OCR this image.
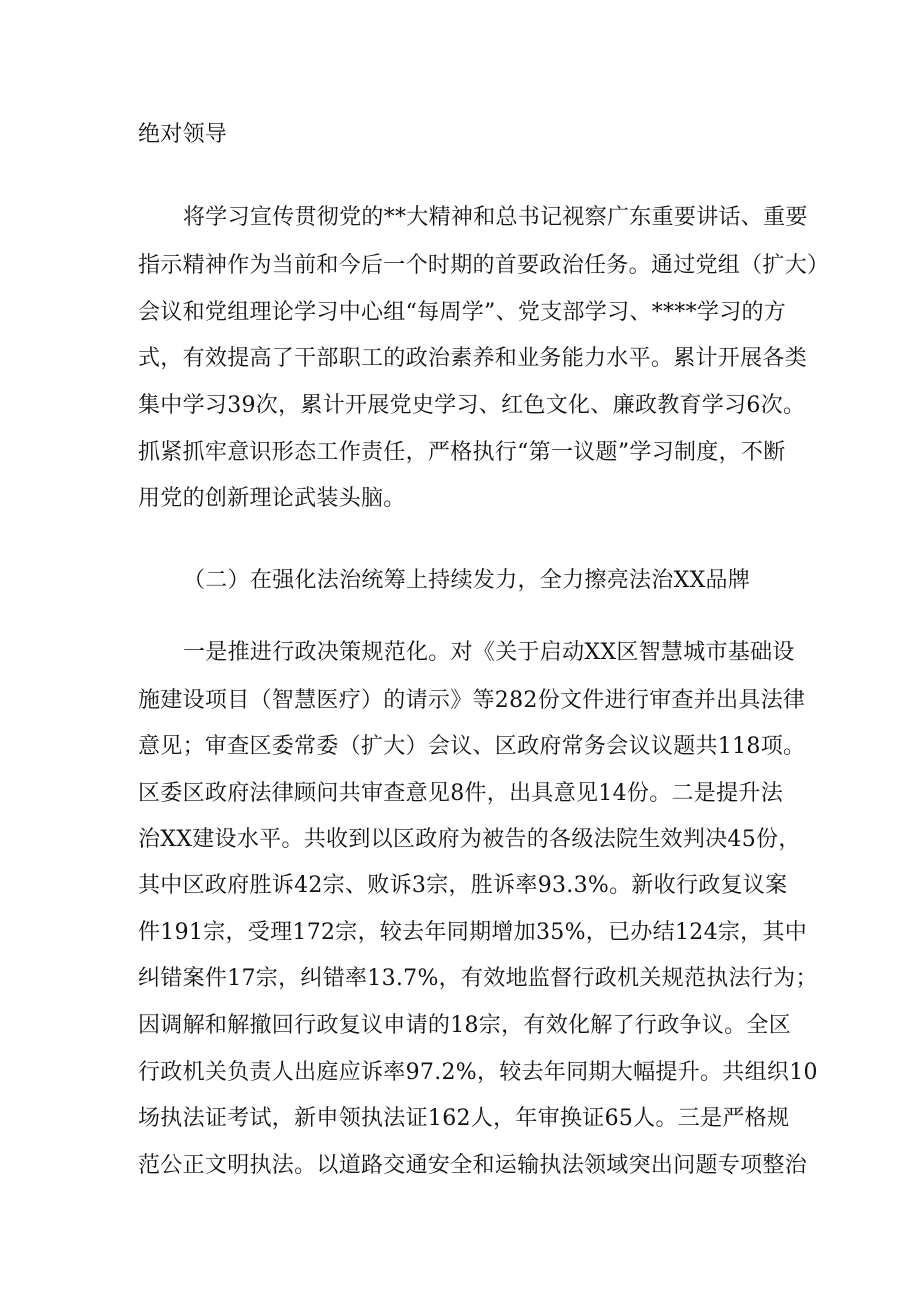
绝对领导
将学习宣传贯彻党的**大精神和总书记视察广东重要讲话、重要
指示精神作为当前和今后一个时期的首要政治任务。通过党组（扩大）
会议和党组理论学习中心组“每周学”、党支部学习、****学习的方
式，有效提高了干部职工的政治素养和业务能力水平。累计开展各类
集中学习39次，累计开展党史学习、红色文化、廉政教育学习6次。
抓紧抓牢意识形态工作责任，严格执行“第一议题”学习制度，不断
用党的创新理论武装头脑。
（二）在强化法治统筹上持续发力，全力擦亮法治XX品牌
一是推进行政决策规范化。对《关于启动XX区智慧城市基础设
施建设项目（智慧医疗）的请示》等282份文件进行审查并出具法律
意见；审查区委常委（扩大）会议、区政府常务会议议题共118项。
区委区政府法律顾问共审查意见8件，出具意见14份。二是提升法
治XX建设水平。共收到以区政府为被告的各级法院生效判决45份，
其中区政府胜诉42宗、败诉3宗，胜诉率93.3%。新收行政复议案
件191宗，受理172宗，较去年同期增加35%，已办结124宗，其中
纠错案件17宗，纠错率13.7%，有效地监督行政机关规范执法行为；
因调解和解撤回行政复议申请的18宗，有效化解了行政争议。全区
行政机关负责人出庭应诉率97.2%，较去年同期大幅提升。共组织10
场执法证考试，新申领执法证162人，年审换证65人。三是严格规
范公正文明执法。以道路交通安全和运输执法领域突出问题专项整治
